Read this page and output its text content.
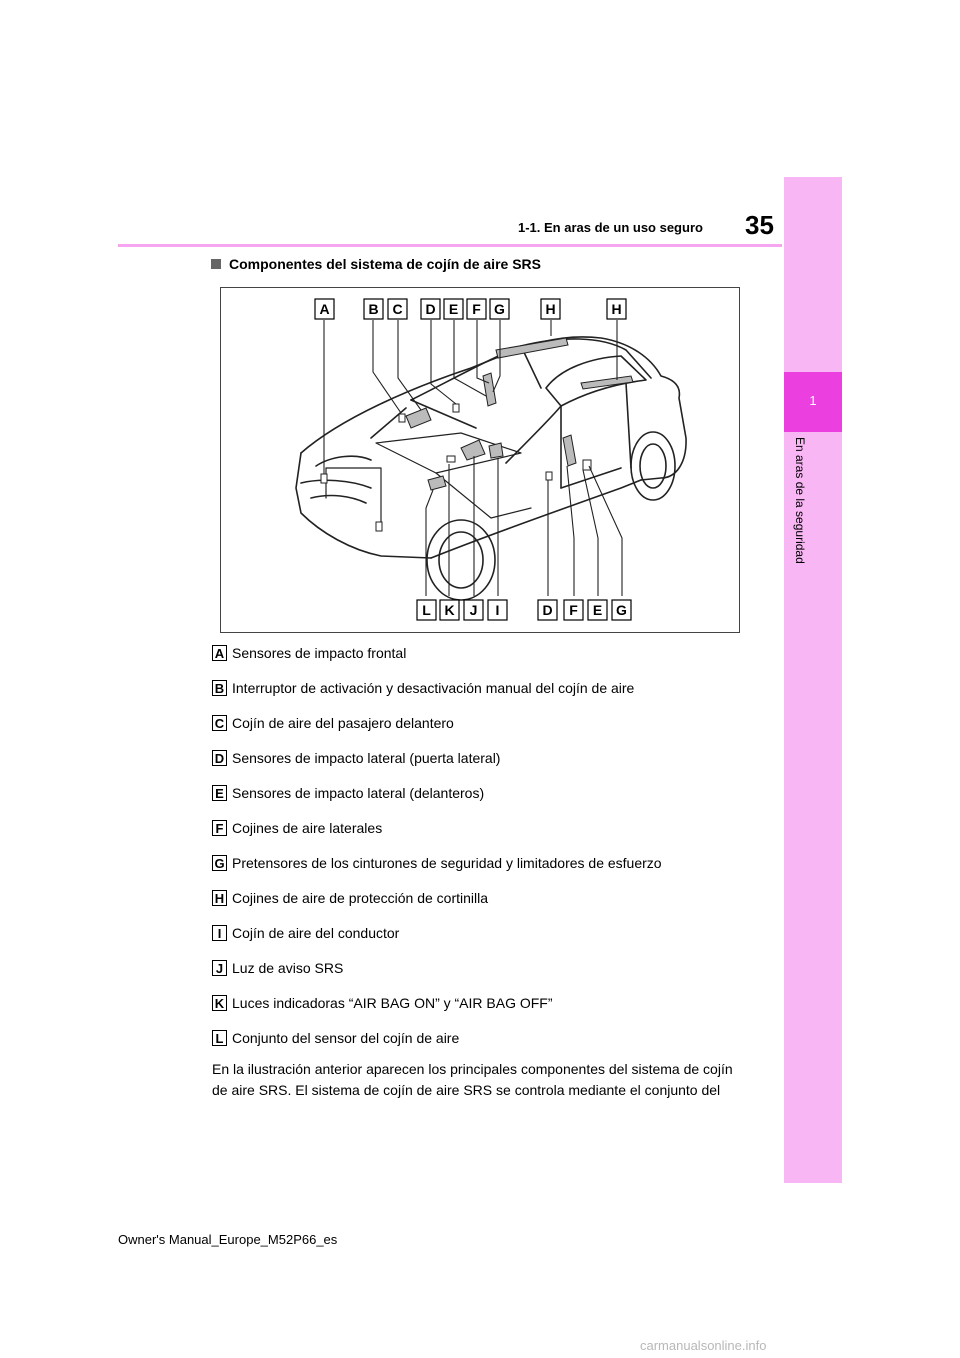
35
1-1. En aras de un uso seguro
1
En aras de la seguridad
Componentes del sistema de cojín de aire SRS
A	B C D E F G	H	H
L K J I	D F E G
A Sensores de impacto frontal
B Interruptor de activación y desactivación manual del cojín de aire
C Cojín de aire del pasajero delantero
D Sensores de impacto lateral (puerta lateral)
E Sensores de impacto lateral (delanteros)
F Cojines de aire laterales
G Pretensores de los cinturones de seguridad y limitadores de esfuerzo
H Cojines de aire de protección de cortinilla
I Cojín de aire del conductor
J Luz de aviso SRS
K Luces indicadoras “AIR BAG ON” y “AIR BAG OFF”
L Conjunto del sensor del cojín de aire
En la ilustración anterior aparecen los principales componentes del sistema de cojín de aire SRS. El sistema de cojín de aire SRS se controla mediante el conjunto del
Owner's Manual_Europe_M52P66_es
carmanualsonline.info
